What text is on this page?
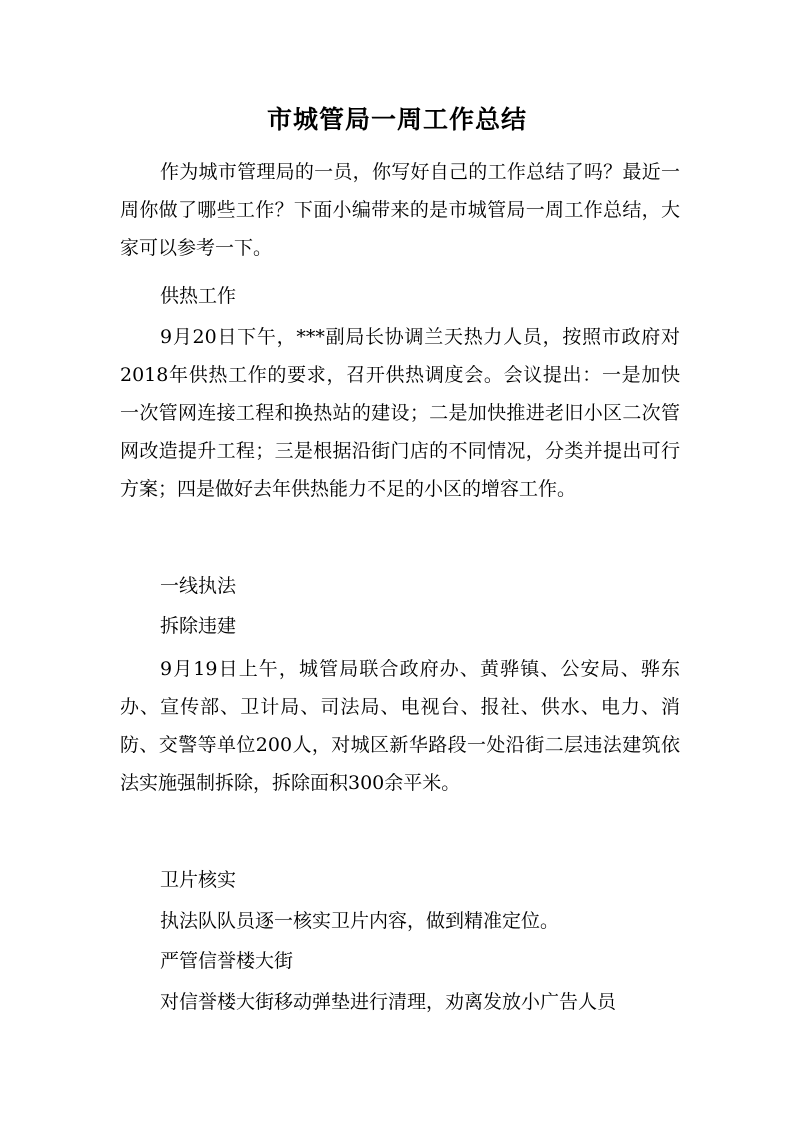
市城管局一周工作总结

作为城市管理局的一员，你写好自己的工作总结了吗？最近一周你做了哪些工作？下面小编带来的是市城管局一周工作总结，大家可以参考一下。

供热工作

9月20日下午，***副局长协调兰天热力人员，按照市政府对2018年供热工作的要求，召开供热调度会。会议提出：一是加快一次管网连接工程和换热站的建设；二是加快推进老旧小区二次管网改造提升工程；三是根据沿街门店的不同情况，分类并提出可行方案；四是做好去年供热能力不足的小区的增容工作。

一线执法

拆除违建

9月19日上午，城管局联合政府办、黄骅镇、公安局、骅东办、宣传部、卫计局、司法局、电视台、报社、供水、电力、消防、交警等单位200人，对城区新华路段一处沿街二层违法建筑依法实施强制拆除，拆除面积300余平米。

卫片核实

执法队队员逐一核实卫片内容，做到精准定位。

严管信誉楼大街

对信誉楼大街移动弹垫进行清理，劝离发放小广告人员
